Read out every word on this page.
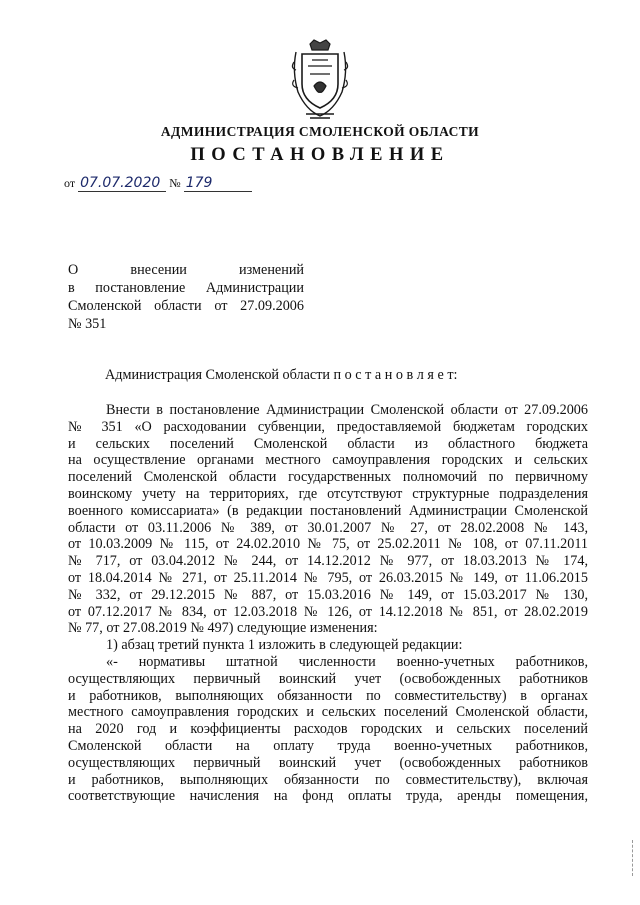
АДМИНИСТРАЦИЯ СМОЛЕНСКОЙ ОБЛАСТИ
ПОСТАНОВЛЕНИЕ
от 07.07.2020 № 179
О внесении изменений
в постановление Администрации
Смоленской области от 27.09.2006
№ 351
Администрация Смоленской области п о с т а н о в л я е т:
Внести в постановление Администрации Смоленской области от 27.09.2006
№ 351 «О расходовании субвенции, предоставляемой бюджетам городских
и сельских поселений Смоленской области из областного бюджета
на осуществление органами местного самоуправления городских и сельских
поселений Смоленской области государственных полномочий по первичному
воинскому учету на территориях, где отсутствуют структурные подразделения
военного комиссариата» (в редакции постановлений Администрации Смоленской
области от 03.11.2006 № 389, от 30.01.2007 № 27, от 28.02.2008 № 143,
от 10.03.2009 № 115, от 24.02.2010 № 75, от 25.02.2011 № 108, от 07.11.2011
№ 717, от 03.04.2012 № 244, от 14.12.2012 № 977, от 18.03.2013 № 174,
от 18.04.2014 № 271, от 25.11.2014 № 795, от 26.03.2015 № 149, от 11.06.2015
№ 332, от 29.12.2015 № 887, от 15.03.2016 № 149, от 15.03.2017 № 130,
от 07.12.2017 № 834, от 12.03.2018 № 126, от 14.12.2018 № 851, от 28.02.2019
№ 77, от 27.08.2019 № 497) следующие изменения:
1) абзац третий пункта 1 изложить в следующей редакции:
«- нормативы штатной численности военно-учетных работников,
осуществляющих первичный воинский учет (освобожденных работников
и работников, выполняющих обязанности по совместительству) в органах
местного самоуправления городских и сельских поселений Смоленской области,
на 2020 год и коэффициенты расходов городских и сельских поселений
Смоленской области на оплату труда военно-учетных работников,
осуществляющих первичный воинский учет (освобожденных работников
и работников, выполняющих обязанности по совместительству), включая
соответствующие начисления на фонд оплаты труда, аренды помещения,
